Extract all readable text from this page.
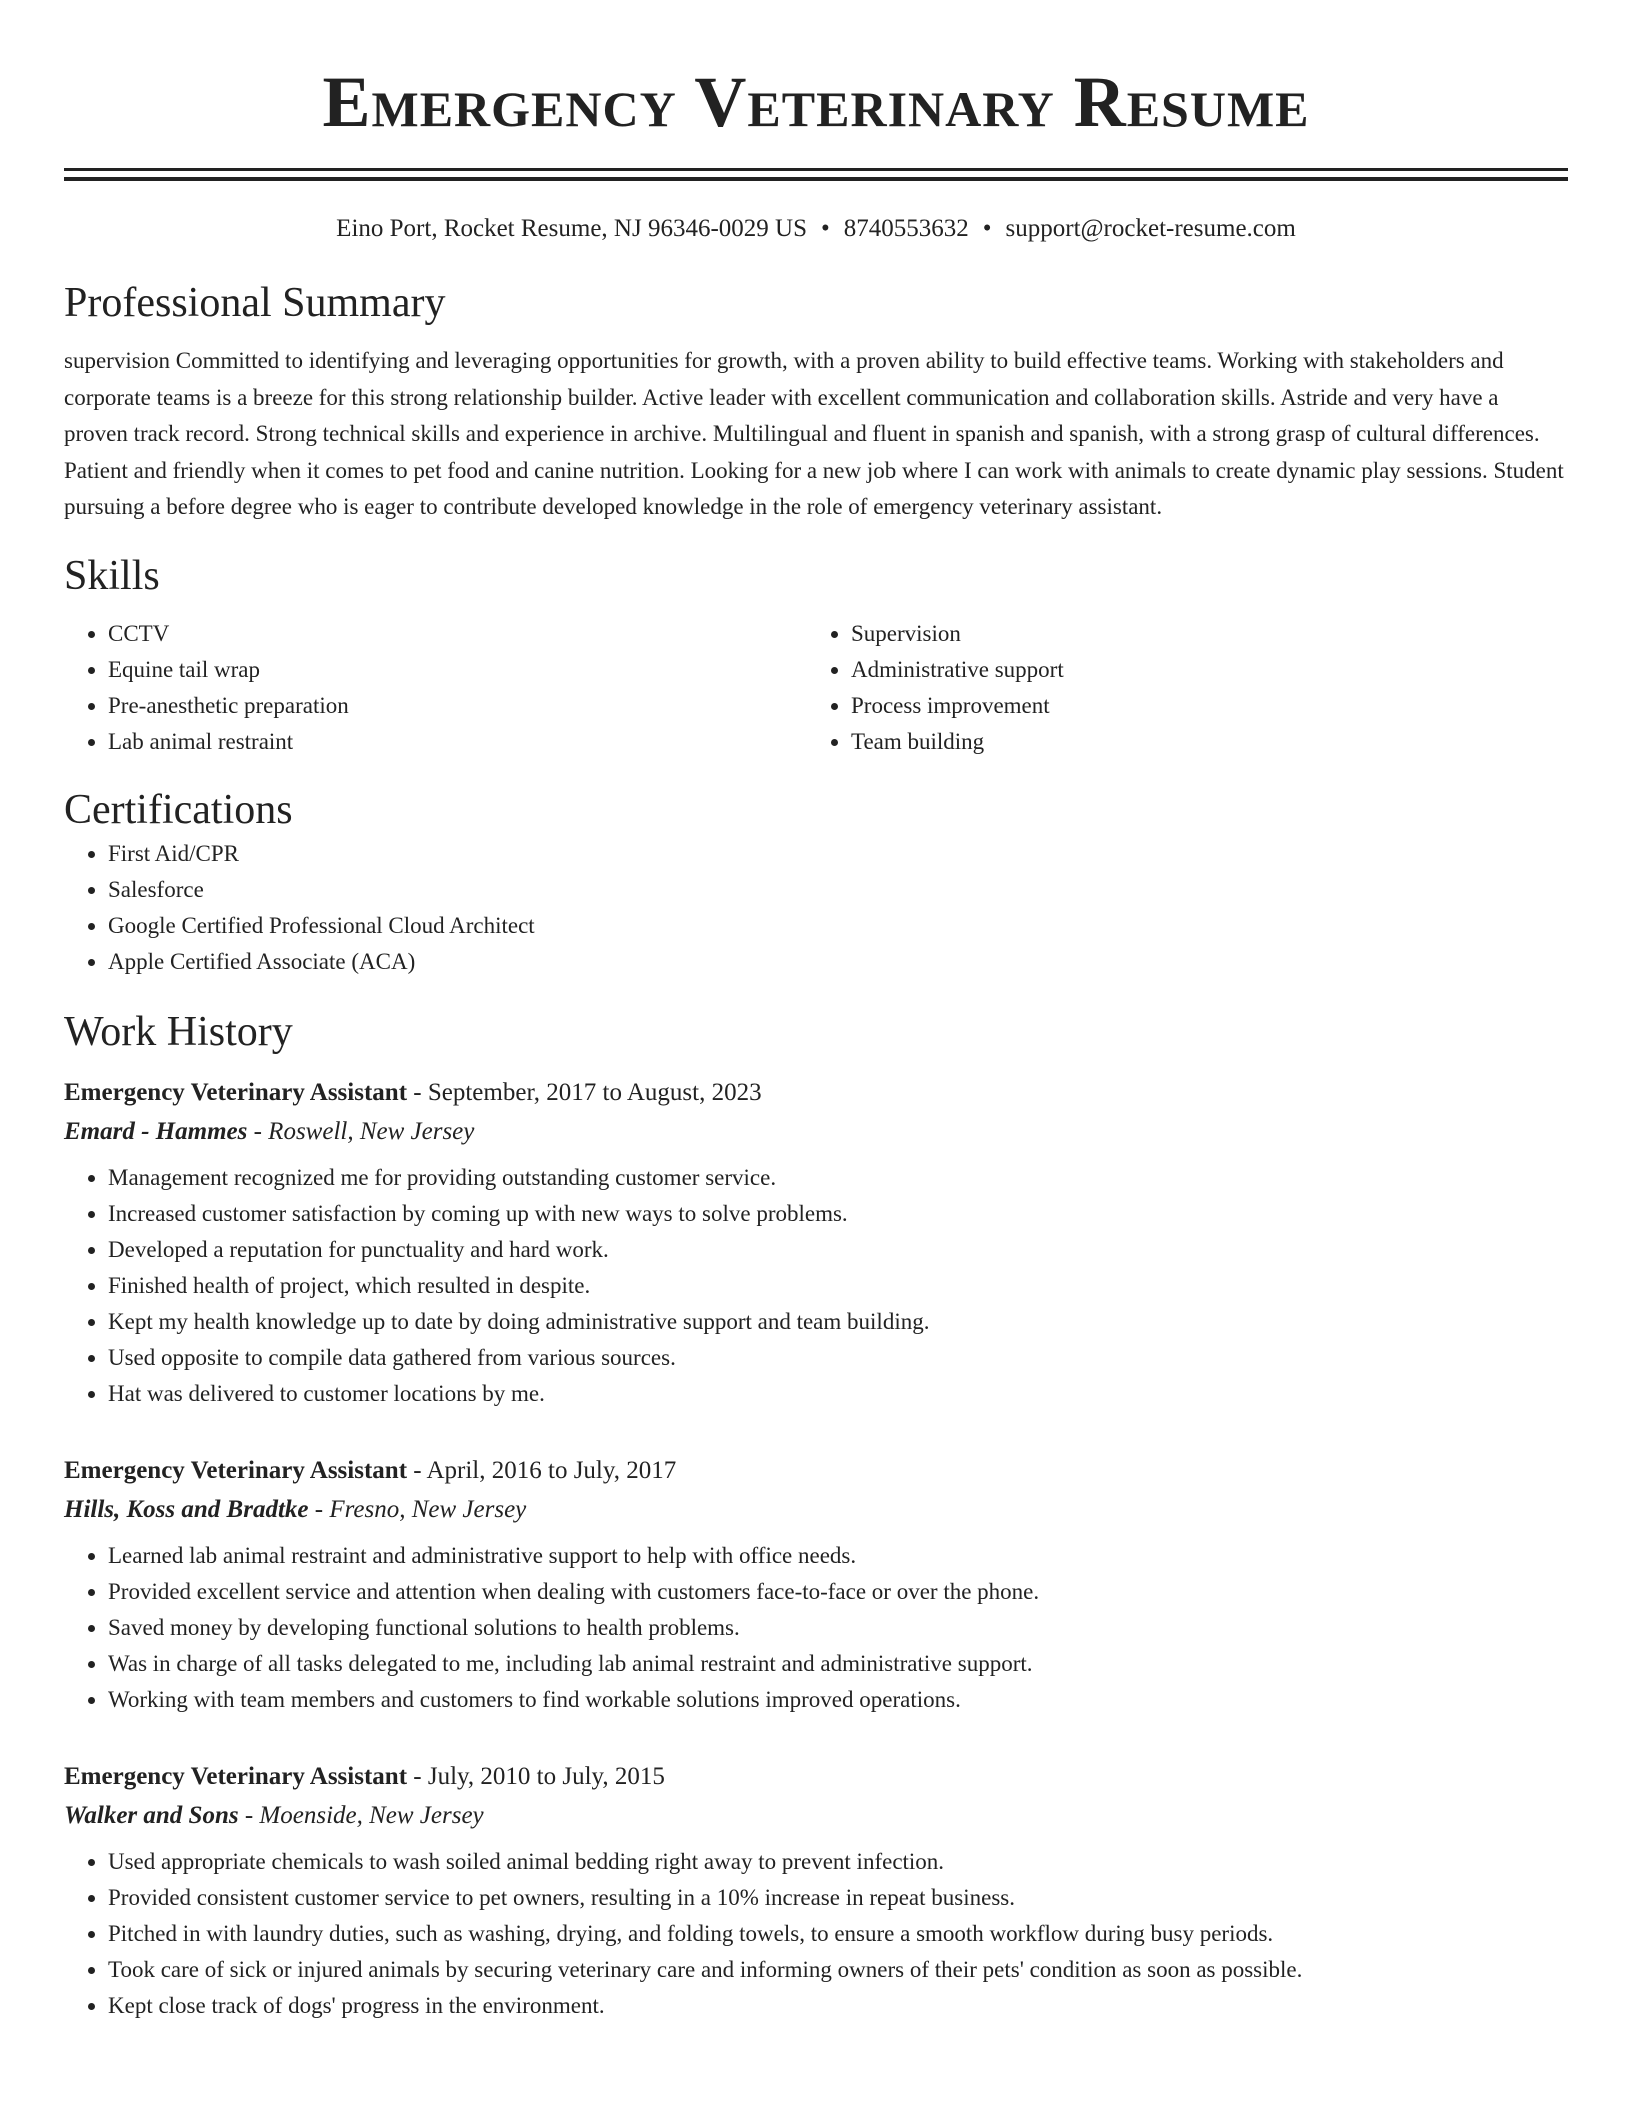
Emergency Veterinary Resume
Eino Port, Rocket Resume, NJ 96346-0029 US • 8740553632 • support@rocket-resume.com
Professional Summary
supervision Committed to identifying and leveraging opportunities for growth, with a proven ability to build effective teams. Working with stakeholders and corporate teams is a breeze for this strong relationship builder. Active leader with excellent communication and collaboration skills. Astride and very have a proven track record. Strong technical skills and experience in archive. Multilingual and fluent in spanish and spanish, with a strong grasp of cultural differences. Patient and friendly when it comes to pet food and canine nutrition. Looking for a new job where I can work with animals to create dynamic play sessions. Student pursuing a before degree who is eager to contribute developed knowledge in the role of emergency veterinary assistant.
Skills
• CCTV
• Equine tail wrap
• Pre-anesthetic preparation
• Lab animal restraint
• Supervision
• Administrative support
• Process improvement
• Team building
Certifications
• First Aid/CPR
• Salesforce
• Google Certified Professional Cloud Architect
• Apple Certified Associate (ACA)
Work History
Emergency Veterinary Assistant - September, 2017 to August, 2023
Emard - Hammes - Roswell, New Jersey
• Management recognized me for providing outstanding customer service.
• Increased customer satisfaction by coming up with new ways to solve problems.
• Developed a reputation for punctuality and hard work.
• Finished health of project, which resulted in despite.
• Kept my health knowledge up to date by doing administrative support and team building.
• Used opposite to compile data gathered from various sources.
• Hat was delivered to customer locations by me.
Emergency Veterinary Assistant - April, 2016 to July, 2017
Hills, Koss and Bradtke - Fresno, New Jersey
• Learned lab animal restraint and administrative support to help with office needs.
• Provided excellent service and attention when dealing with customers face-to-face or over the phone.
• Saved money by developing functional solutions to health problems.
• Was in charge of all tasks delegated to me, including lab animal restraint and administrative support.
• Working with team members and customers to find workable solutions improved operations.
Emergency Veterinary Assistant - July, 2010 to July, 2015
Walker and Sons - Moenside, New Jersey
• Used appropriate chemicals to wash soiled animal bedding right away to prevent infection.
• Provided consistent customer service to pet owners, resulting in a 10% increase in repeat business.
• Pitched in with laundry duties, such as washing, drying, and folding towels, to ensure a smooth workflow during busy periods.
• Took care of sick or injured animals by securing veterinary care and informing owners of their pets' condition as soon as possible.
• Kept close track of dogs' progress in the environment.
